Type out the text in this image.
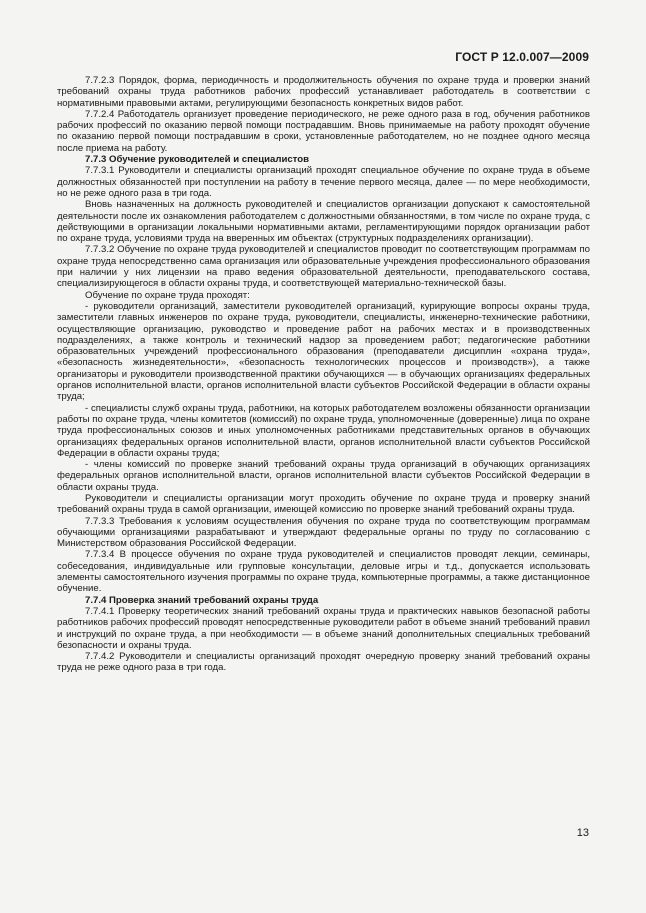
ГОСТ Р 12.0.007—2009

7.7.2.3 Порядок, форма, периодичность и продолжительность обучения по охране труда и проверки знаний требований охраны труда работников рабочих профессий устанавливает работодатель в соответствии с нормативными правовыми актами, регулирующими безопасность конкретных видов работ.

7.7.2.4 Работодатель организует проведение периодического, не реже одного раза в год, обучения работников рабочих профессий по оказанию первой помощи пострадавшим. Вновь принимаемые на работу проходят обучение по оказанию первой помощи пострадавшим в сроки, установленные работодателем, но не позднее одного месяца после приема на работу.

7.7.3 Обучение руководителей и специалистов

7.7.3.1 Руководители и специалисты организаций проходят специальное обучение по охране труда в объеме должностных обязанностей при поступлении на работу в течение первого месяца, далее — по мере необходимости, но не реже одного раза в три года.

Вновь назначенных на должность руководителей и специалистов организации допускают к самостоятельной деятельности после их ознакомления работодателем с должностными обязанностями, в том числе по охране труда, с действующими в организации локальными нормативными актами, регламентирующими порядок организации работ по охране труда, условиями труда на вверенных им объектах (структурных подразделениях организации).

7.7.3.2 Обучение по охране труда руководителей и специалистов проводит по соответствующим программам по охране труда непосредственно сама организация или образовательные учреждения профессионального образования при наличии у них лицензии на право ведения образовательной деятельности, преподавательского состава, специализирующегося в области охраны труда, и соответствующей материально-технической базы.

Обучение по охране труда проходят:

- руководители организаций, заместители руководителей организаций, курирующие вопросы охраны труда, заместители главных инженеров по охране труда, руководители, специалисты, инженерно-технические работники, осуществляющие организацию, руководство и проведение работ на рабочих местах и в производственных подразделениях, а также контроль и технический надзор за проведением работ; педагогические работники образовательных учреждений профессионального образования (преподаватели дисциплин «охрана труда», «безопасность жизнедеятельности», «безопасность технологических процессов и производств»), а также организаторы и руководители производственной практики обучающихся — в обучающих организациях федеральных органов исполнительной власти, органов исполнительной власти субъектов Российской Федерации в области охраны труда;

- специалисты служб охраны труда, работники, на которых работодателем возложены обязанности организации работы по охране труда, члены комитетов (комиссий) по охране труда, уполномоченные (доверенные) лица по охране труда профессиональных союзов и иных уполномоченных работниками представительных органов в обучающих организациях федеральных органов исполнительной власти, органов исполнительной власти субъектов Российской Федерации в области охраны труда;

- члены комиссий по проверке знаний требований охраны труда организаций в обучающих организациях федеральных органов исполнительной власти, органов исполнительной власти субъектов Российской Федерации в области охраны труда.

Руководители и специалисты организации могут проходить обучение по охране труда и проверку знаний требований охраны труда в самой организации, имеющей комиссию по проверке знаний требований охраны труда.

7.7.3.3 Требования к условиям осуществления обучения по охране труда по соответствующим программам обучающими организациями разрабатывают и утверждают федеральные органы по труду по согласованию с Министерством образования Российской Федерации.

7.7.3.4 В процессе обучения по охране труда руководителей и специалистов проводят лекции, семинары, собеседования, индивидуальные или групповые консультации, деловые игры и т.д., допускается использовать элементы самостоятельного изучения программы по охране труда, компьютерные программы, а также дистанционное обучение.

7.7.4 Проверка знаний требований охраны труда

7.7.4.1 Проверку теоретических знаний требований охраны труда и практических навыков безопасной работы работников рабочих профессий проводят непосредственные руководители работ в объеме знаний требований правил и инструкций по охране труда, а при необходимости — в объеме знаний дополнительных специальных требований безопасности и охраны труда.

7.7.4.2 Руководители и специалисты организаций проходят очередную проверку знаний требований охраны труда не реже одного раза в три года.

13
